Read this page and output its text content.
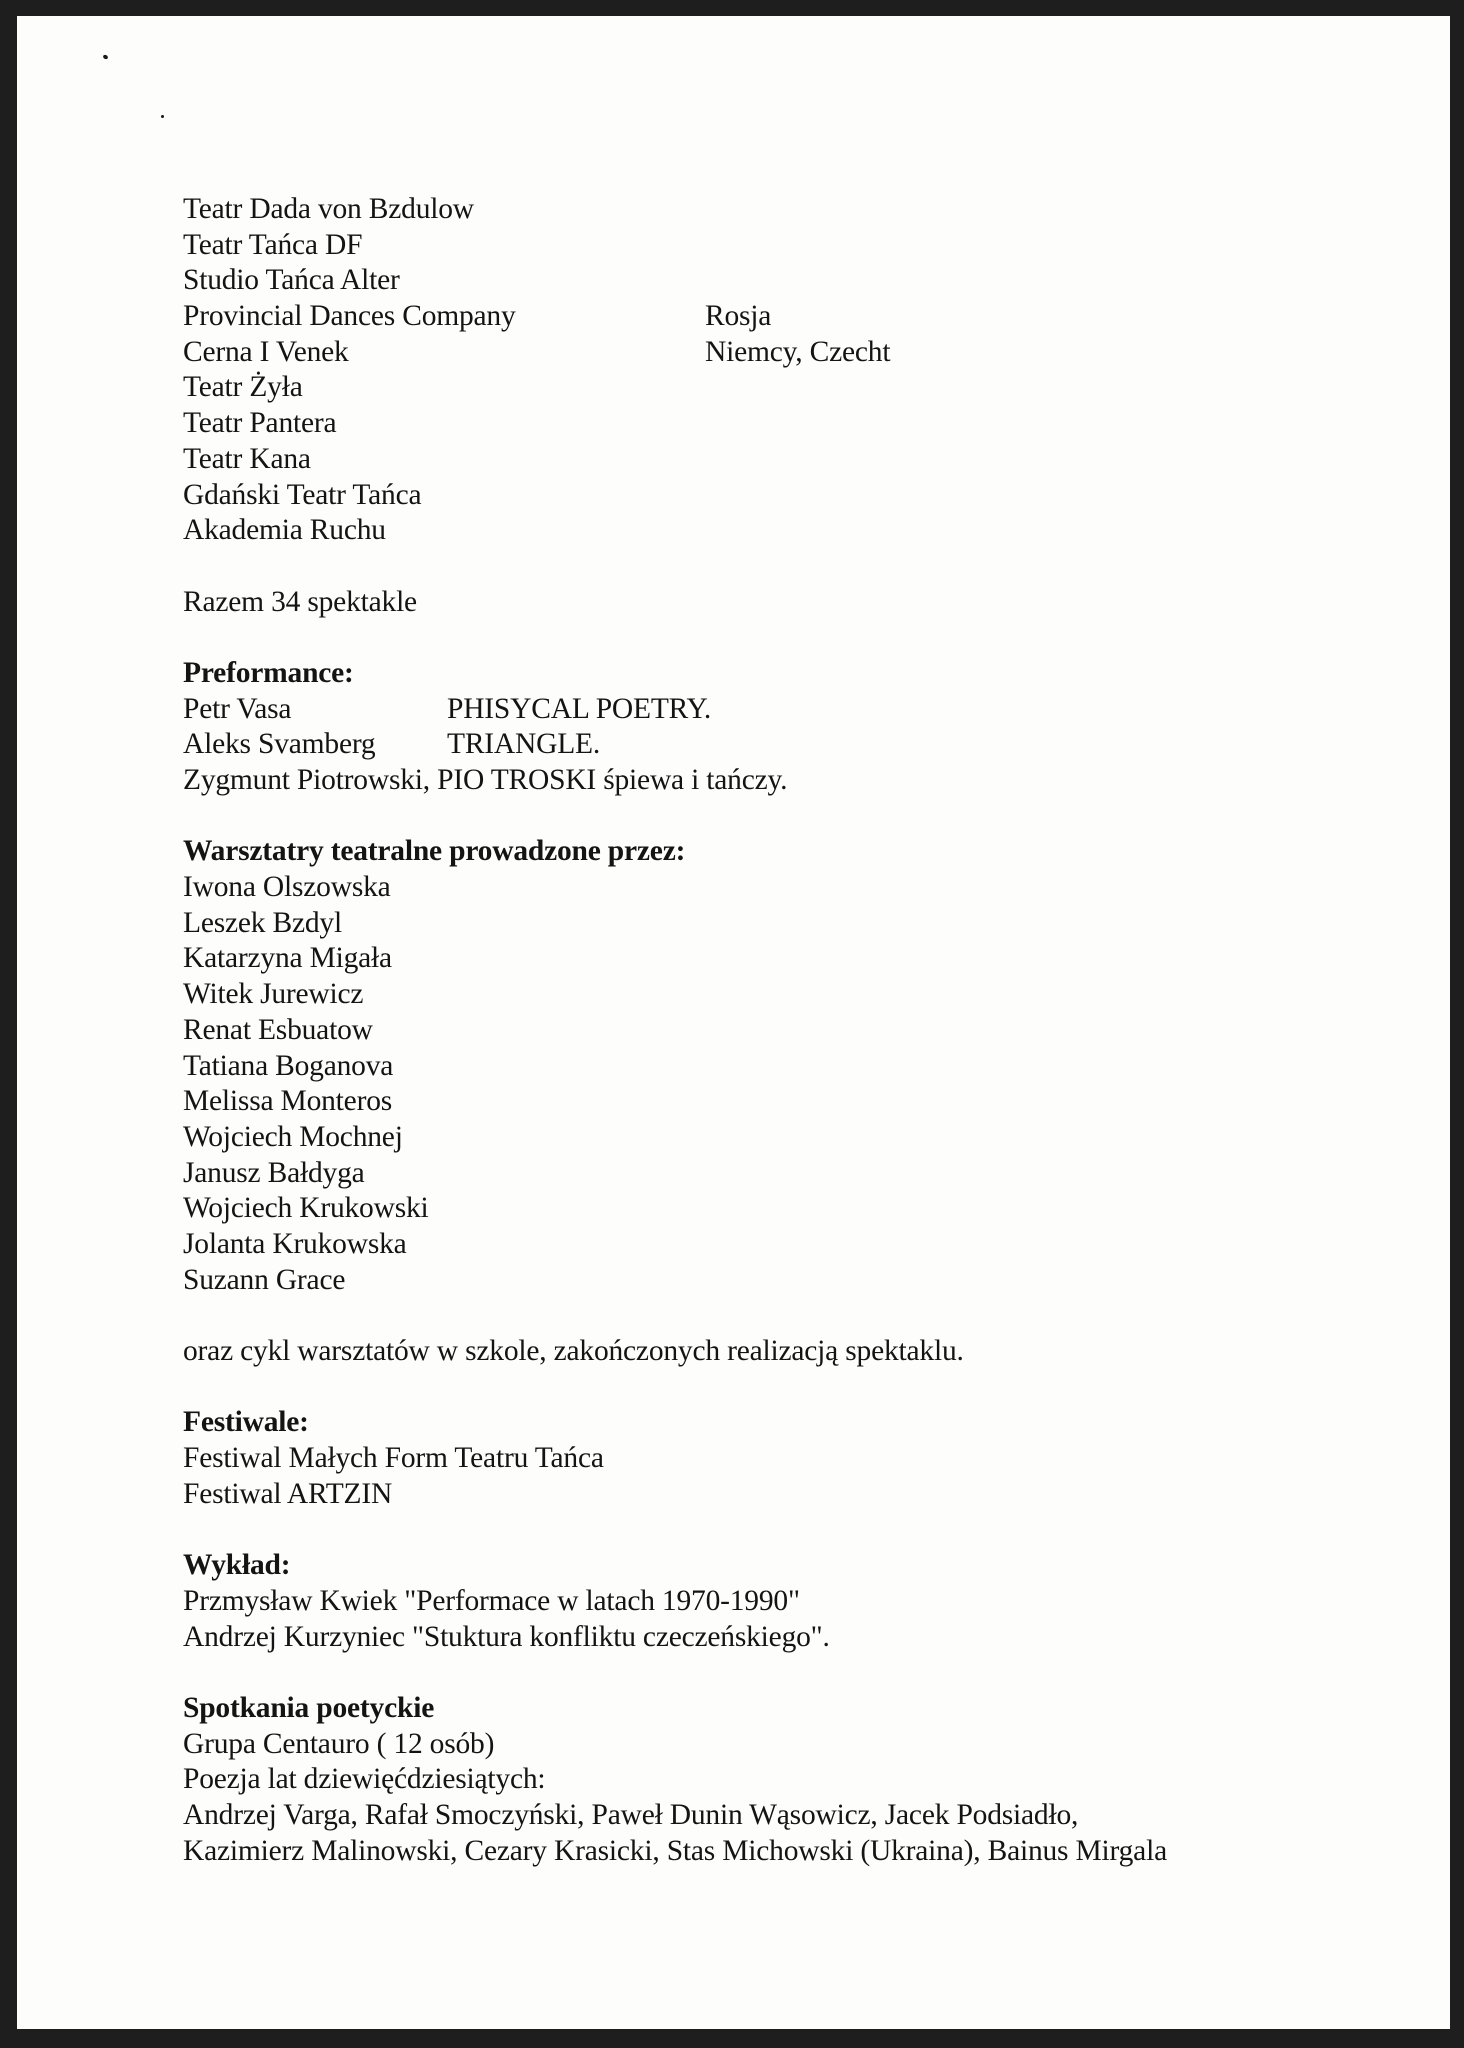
Teatr Dada von Bzdulow
Teatr Tańca DF
Studio Tańca Alter
Provincial Dances Company	Rosja
Cerna I Venek	Niemcy, Czecht
Teatr Żyła
Teatr Pantera
Teatr Kana
Gdański Teatr Tańca
Akademia Ruchu
Razem 34 spektakle
Preformance:
Petr Vasa	PHISYCAL POETRY.
Aleks Svamberg TRIANGLE.
Zygmunt Piotrowski, PIO TROSKI śpiewa i tańczy.
Warsztatry teatralne prowadzone przez:
Iwona Olszowska
Leszek Bzdyl
Katarzyna Migała
Witek Jurewicz
Renat Esbuatow
Tatiana Boganova
Melissa Monteros
Wojciech Mochnej
Janusz Bałdyga
Wojciech Krukowski
Jolanta Krukowska
Suzann Grace
oraz cykl warsztatów w szkole, zakończonych realizacją spektaklu.
Festiwale:
Festiwal Małych Form Teatru Tańca
Festiwal ARTZIN
Wykład:
Przmysław Kwiek "Performace w latach 1970-1990"
Andrzej Kurzyniec "Stuktura konfliktu czeczeńskiego".
Spotkania poetyckie
Grupa Centauro ( 12 osób)
Poezja lat dziewięćdziesiątych:
Andrzej Varga, Rafał Smoczyński, Paweł Dunin Wąsowicz, Jacek Podsiadło,
Kazimierz Malinowski, Cezary Krasicki, Stas Michowski (Ukraina), Bainus Mirgala
